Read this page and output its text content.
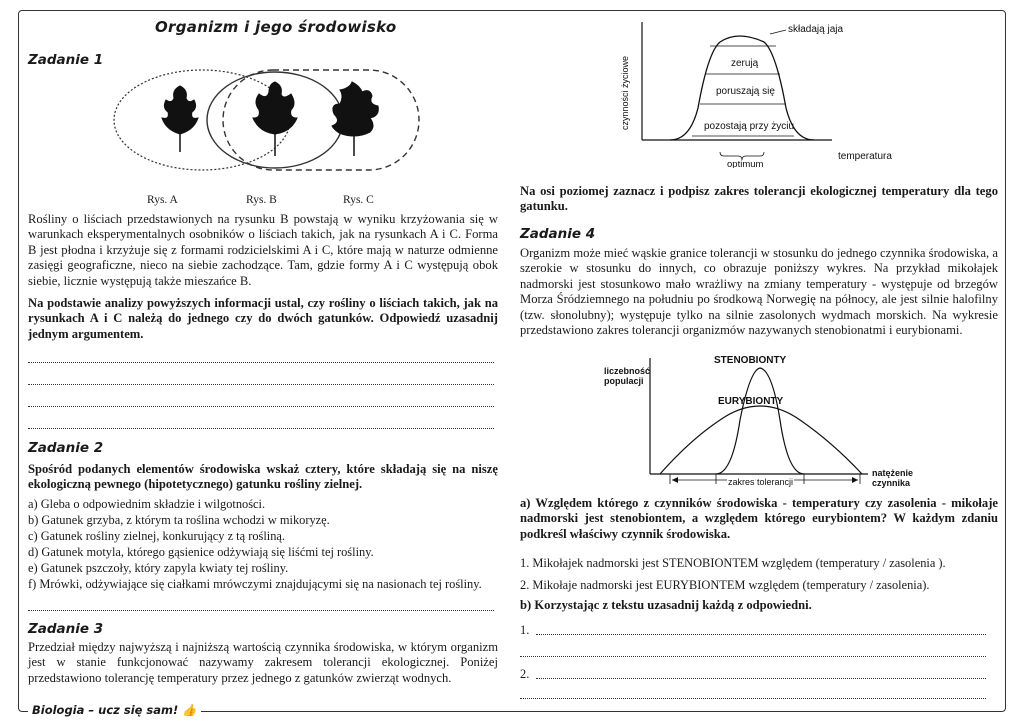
Organizm i jego środowisko
Zadanie 1
Rys. A	Rys. B	Rys. C
Rośliny o liściach przedstawionych na rysunku B powstają w wyniku krzyżowania się w warunkach eksperymentalnych osobników o liściach takich, jak na rysunkach A i C. Forma B jest płodna i krzyżuje się z formami rodzicielskimi A i C, które mają w naturze odmienne zasięgi geograficzne, nieco na siebie zachodzące. Tam, gdzie formy A i C występują obok siebie, licznie występują także mieszańce B.
Na podstawie analizy powyższych informacji ustal, czy rośliny o liściach takich, jak na rysunkach A i C należą do jednego czy do dwóch gatunków. Odpowiedź uzasadnij jednym argumentem.
Zadanie 2
Spośród podanych elementów środowiska wskaż cztery, które składają się na niszę ekologiczną pewnego (hipotetycznego) gatunku rośliny zielnej.
a) Gleba o odpowiednim składzie i wilgotności.
b) Gatunek grzyba, z którym ta roślina wchodzi w mikoryzę.
c) Gatunek rośliny zielnej, konkurujący z tą rośliną.
d) Gatunek motyla, którego gąsienice odżywiają się liśćmi tej rośliny.
e) Gatunek pszczoły, który zapyla kwiaty tej rośliny.
f) Mrówki, odżywiające się ciałkami mrówczymi znajdującymi się na nasionach tej rośliny.
Zadanie 3
Przedział między najwyższą i najniższą wartością czynnika środowiska, w którym organizm jest w stanie funkcjonować nazywamy zakresem tolerancji ekologicznej. Poniżej przedstawiono tolerancję temperatury przez jednego z gatunków zwierząt wodnych.
czynności życiowe
składają jaja
zerują
poruszają się
pozostają przy życiu
optimum
temperatura
Na osi poziomej zaznacz i podpisz zakres tolerancji ekologicznej temperatury dla tego gatunku.
Zadanie 4
Organizm może mieć wąskie granice tolerancji w stosunku do jednego czynnika środowiska, a szerokie w stosunku do innych, co obrazuje poniższy wykres. Na przykład mikołajek nadmorski jest stosunkowo mało wrażliwy na zmiany temperatury - występuje od brzegów Morza Śródziemnego na południu po środkową Norwegię na północy, ale jest silnie halofilny (tzw. słonolubny); występuje tylko na silnie zasolonych wydmach morskich. Na wykresie przedstawiono zakres tolerancji organizmów nazywanych stenobionatmi i eurybionami.
liczebność
populacji
STENOBIONTY
EURYBIONTY
zakres tolerancji
natężenie
czynnika
a) Względem którego z czynników środowiska - temperatury czy zasolenia - mikołaje nadmorski jest stenobiontem, a względem którego eurybiontem? W każdym zdaniu podkreśl właściwy czynnik środowiska.
1. Mikołajek nadmorski jest STENOBIONTEM względem (temperatury / zasolenia ).
2. Mikołaje nadmorski jest EURYBIONTEM względem (temperatury / zasolenia).
b) Korzystając z tekstu uzasadnij każdą z odpowiedni.
1.
2.
Biologia – ucz się sam! 👍
